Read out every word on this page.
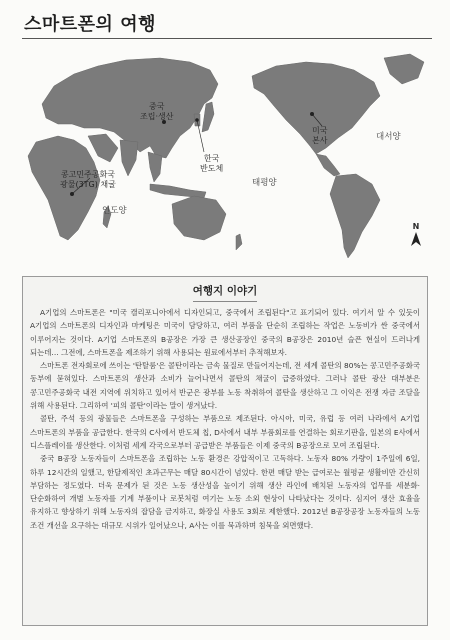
스마트폰의 여행
중국
조립·생산
미국
본사
한국
반도체
콩고민주공화국
광물(3TG) 채굴
인도양
태평양
대서양
N
여행지 이야기

A기업의 스마트폰은 "미국 캘리포니아에서 디자인되고, 중국에서 조립된다"고 표기되어 있다. 여기서 알 수 있듯이 A기업의 스마트폰의 디자인과 마케팅은 미국이 담당하고, 여러 부품을 단순히 조립하는 작업은 노동비가 싼 중국에서 이루어지는 것이다. A기업 스마트폰의 B공장은 가장 큰 생산공장인 중국의 B공장은 2010년 슬픈 현실이 드러나게 되는데… 그전에, 스마트폰을 제조하기 위해 사용되는 원료에서부터 추적해보자.

스마트폰 전자회로에 쓰이는 '탄탈룸'은 콜탄이라는 금속 물질로 만들어지는데, 전 세계 콜탄의 80%는 콩고민주공화국 동부에 묻혀있다. 스마트폰의 생산과 소비가 늘어나면서 콜탄의 채굴이 급증하였다. 그러나 콜탄 광산 대부분은 콩고민주공화국 내전 지역에 위치하고 있어서 반군은 광부를 노동 착취하여 콜탄을 생산하고 그 이익은 전쟁 자금 조달을 위해 사용된다. 그리하여 '피의 콜탄'이라는 말이 생겨났다.

콜탄, 주석 등의 광물들은 스마트폰을 구성하는 부품으로 제조된다. 아시아, 미국, 유럽 등 여러 나라에서 A기업 스마트폰의 부품을 공급한다. 한국의 C사에서 반도체 칩, D사에서 내부 부품회로를 연결하는 회로기판을, 일본의 E사에서 디스플레이를 생산한다. 이처럼 세계 각국으로부터 공급받은 부품들은 이제 중국의 B공장으로 모여 조립된다.

중국 B공장 노동자들이 스마트폰을 조립하는 노동 환경은 강압적이고 고독하다. 노동자 80% 가량이 1주일에 6일, 하루 12시간의 일했고, 한달제적인 초과근무는 매달 80시간이 넘었다. 한편 매달 받는 급여로는 월평균 생활비만 간신히 부담하는 정도였다. 더욱 문제가 된 것은 노동 생산성을 높이기 위해 생산 라인에 배치된 노동자의 업무를 세분화·단순화하여 개별 노동자를 기계 부품이나 로봇처럼 여기는 노동 소외 현상이 나타났다는 것이다. 심지어 생산 효율을 유지하고 향상하기 위해 노동자의 잡담을 금지하고, 화장실 사용도 3회로 제한했다. 2012년 B공장공장 노동자들의 노동 조건 개선을 요구하는 대규모 시위가 일어났으나, A사는 이를 묵과하며 침묵을 외면했다.
